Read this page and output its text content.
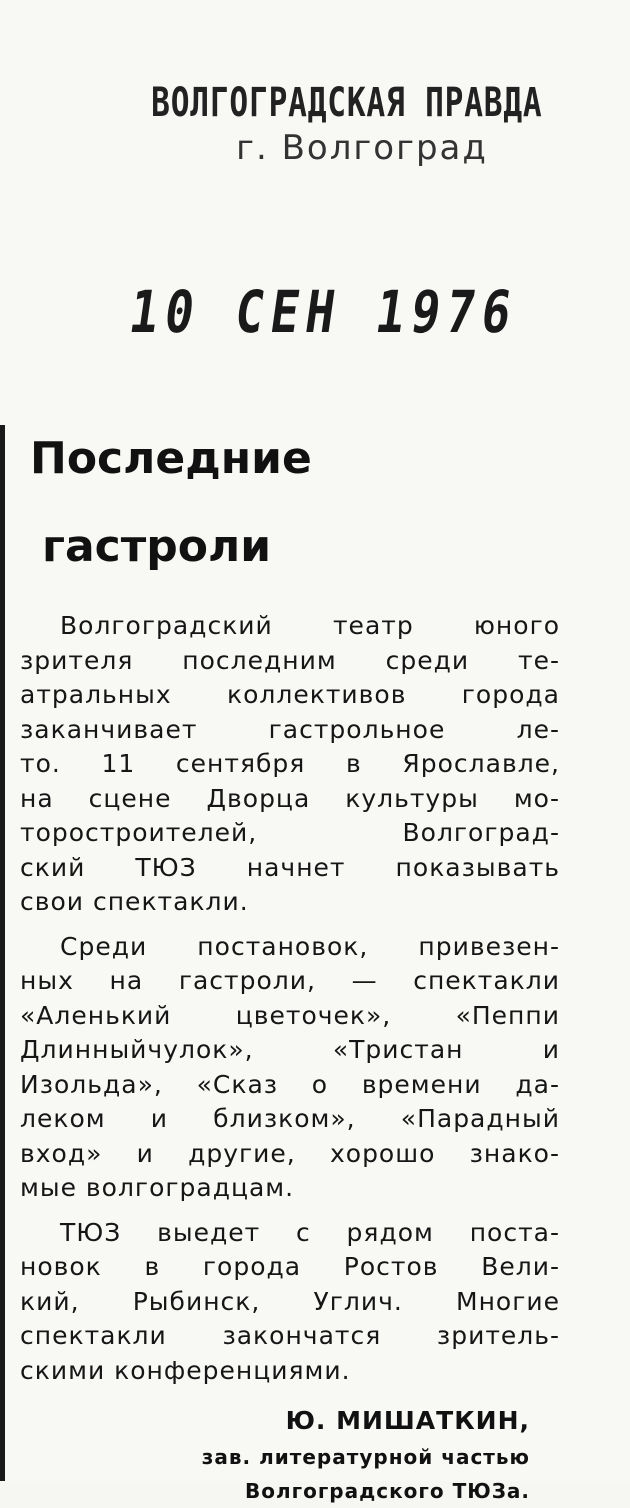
ВОЛГОГРАДСКАЯ ПРАВДА
г. Волгоград
10 СЕН 1976
Последние
гастроли
Волгоградский театр юного
зрителя последним среди те-
атральных коллективов города
заканчивает гастрольное ле-
то. 11 сентября в Ярославле,
на сцене Дворца культуры мо-
торостроителей, Волгоград-
ский ТЮЗ начнет показывать
свои спектакли.
Среди постановок, привезен-
ных на гастроли, — спектакли
«Аленький цветочек», «Пеппи
Длинныйчулок», «Тристан и
Изольда», «Сказ о времени да-
леком и близком», «Парадный
вход» и другие, хорошо знако-
мые волгоградцам.
ТЮЗ выедет с рядом поста-
новок в города Ростов Вели-
кий, Рыбинск, Углич. Многие
спектакли закончатся зритель-
скими конференциями.
Ю. МИШАТКИН,
зав. литературной частью
Волгоградского ТЮЗа.
